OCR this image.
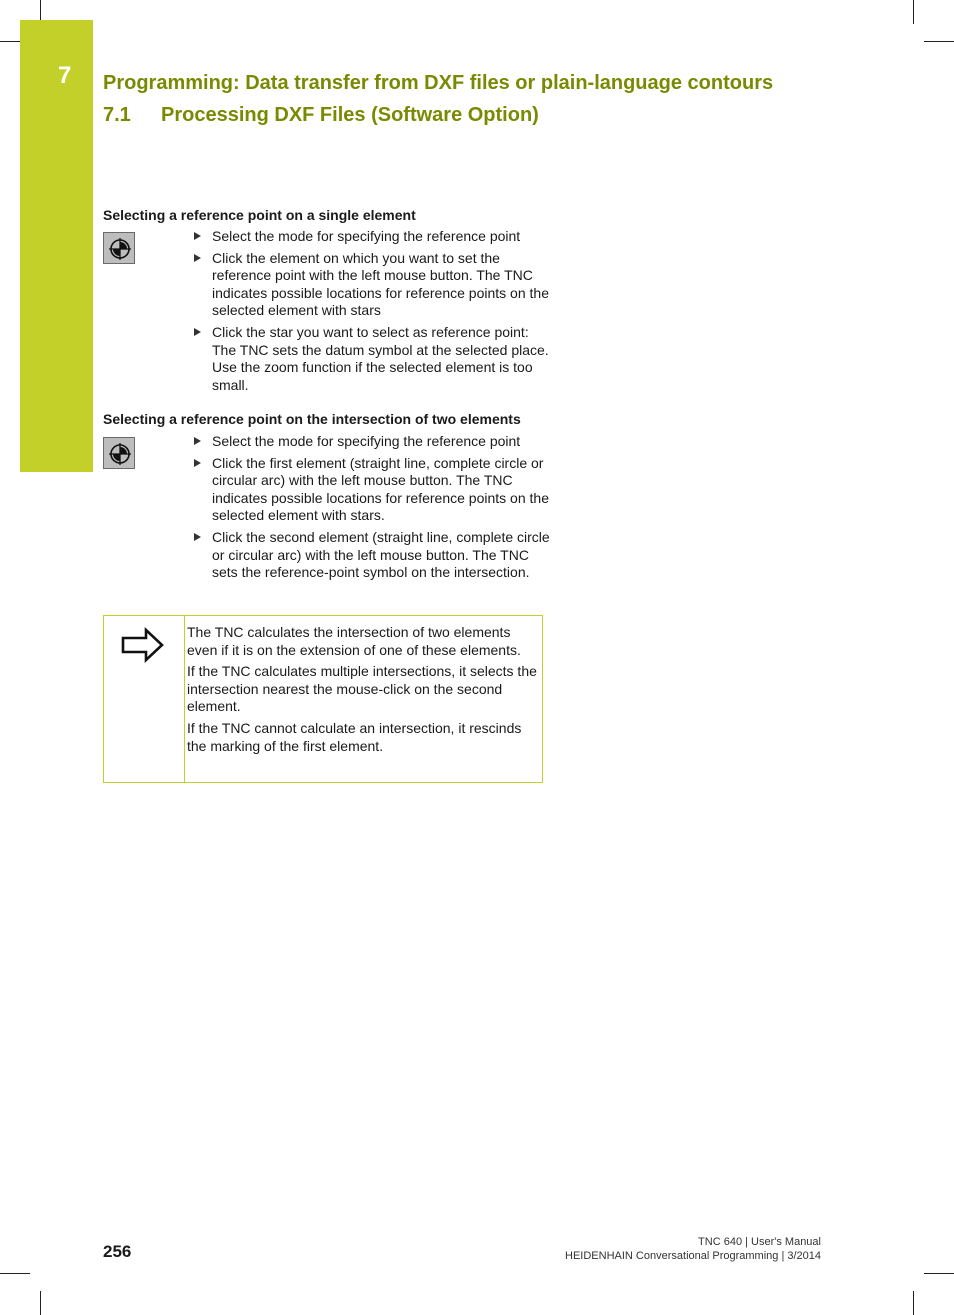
7 Programming: Data transfer from DXF files or plain-language contours
7.1 Processing DXF Files (Software Option)
Selecting a reference point on a single element
Select the mode for specifying the reference point
Click the element on which you want to set the reference point with the left mouse button. The TNC indicates possible locations for reference points on the selected element with stars
Click the star you want to select as reference point: The TNC sets the datum symbol at the selected place. Use the zoom function if the selected element is too small.
Selecting a reference point on the intersection of two elements
Select the mode for specifying the reference point
Click the first element (straight line, complete circle or circular arc) with the left mouse button. The TNC indicates possible locations for reference points on the selected element with stars.
Click the second element (straight line, complete circle or circular arc) with the left mouse button. The TNC sets the reference-point symbol on the intersection.

The TNC calculates the intersection of two elements even if it is on the extension of one of these elements.

If the TNC calculates multiple intersections, it selects the intersection nearest the mouse-click on the second element.

If the TNC cannot calculate an intersection, it rescinds the marking of the first element.

256	TNC 640 | User's Manual
HEIDENHAIN Conversational Programming | 3/2014
